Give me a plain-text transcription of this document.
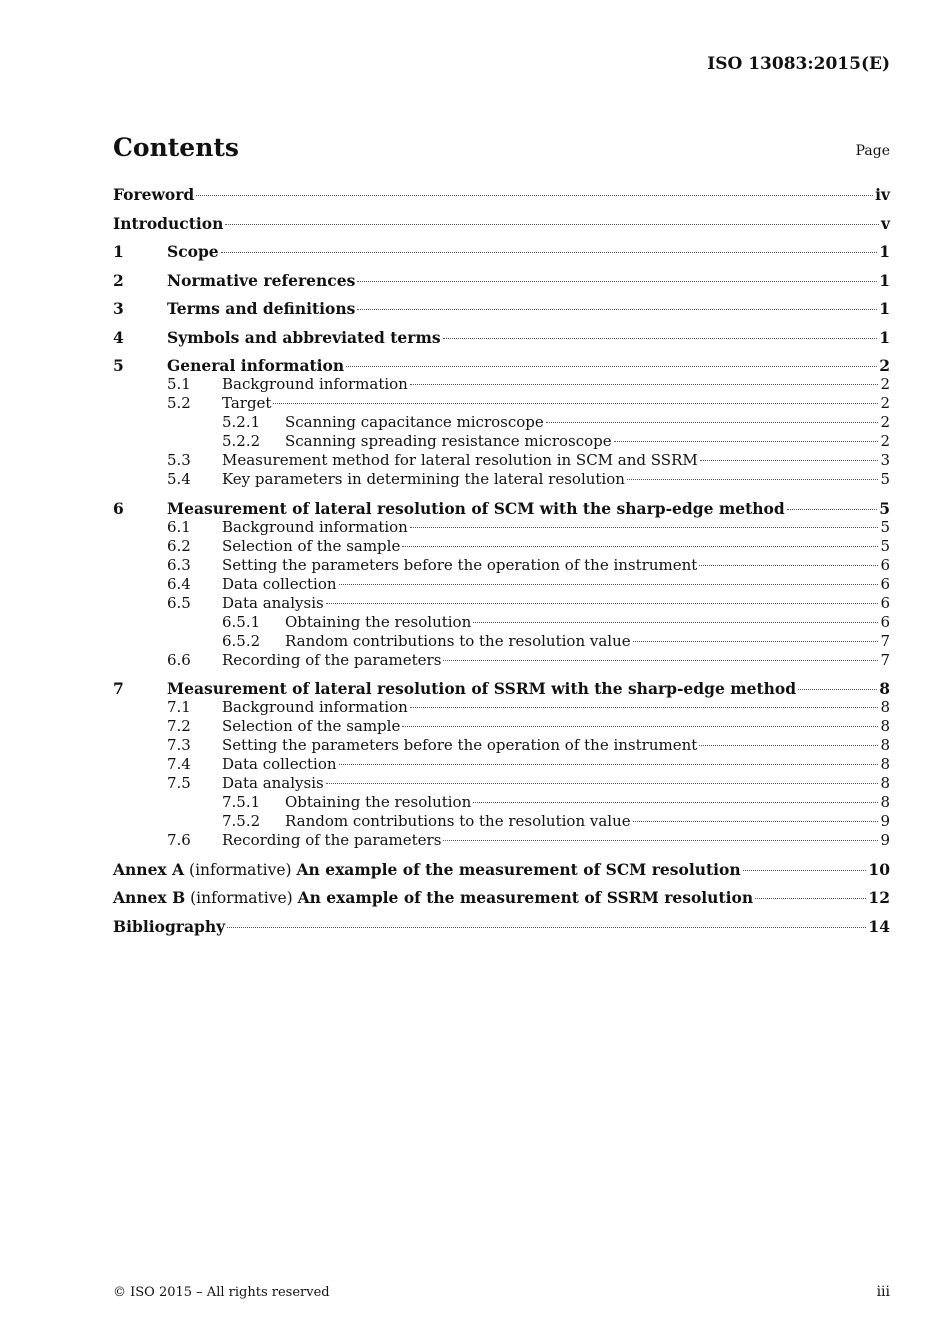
ISO 13083:2015(E)
Contents	Page
Foreword	iv
Introduction	v
1	Scope	1
2	Normative references	1
3	Terms and definitions	1
4	Symbols and abbreviated terms	1
5	General information	2
5.1	Background information	2
5.2	Target	2
5.2.1	Scanning capacitance microscope	2
5.2.2	Scanning spreading resistance microscope	2
5.3	Measurement method for lateral resolution in SCM and SSRM	3
5.4	Key parameters in determining the lateral resolution	5
6	Measurement of lateral resolution of SCM with the sharp-edge method	5
6.1	Background information	5
6.2	Selection of the sample	5
6.3	Setting the parameters before the operation of the instrument	6
6.4	Data collection	6
6.5	Data analysis	6
6.5.1	Obtaining the resolution	6
6.5.2	Random contributions to the resolution value	7
6.6	Recording of the parameters	7
7	Measurement of lateral resolution of SSRM with the sharp-edge method	8
7.1	Background information	8
7.2	Selection of the sample	8
7.3	Setting the parameters before the operation of the instrument	8
7.4	Data collection	8
7.5	Data analysis	8
7.5.1	Obtaining the resolution	8
7.5.2	Random contributions to the resolution value	9
7.6	Recording of the parameters	9
Annex A (informative) An example of the measurement of SCM resolution	10
Annex B (informative) An example of the measurement of SSRM resolution	12
Bibliography	14
© ISO 2015 – All rights reserved	iii
